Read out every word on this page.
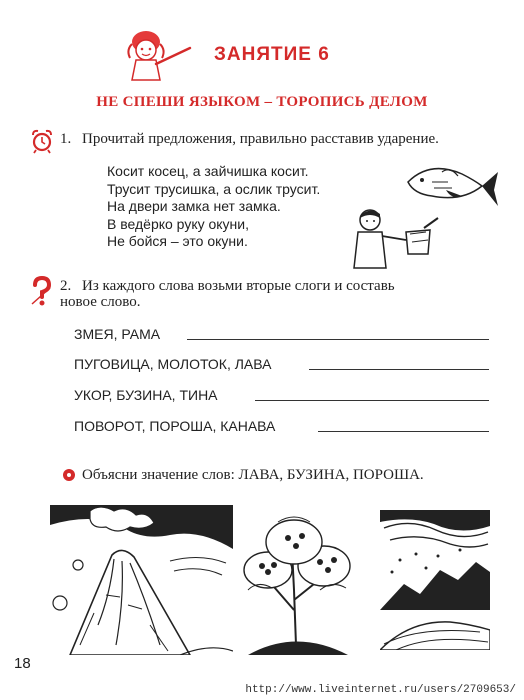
ЗАНЯТИЕ 6
НЕ СПЕШИ ЯЗЫКОМ – ТОРОПИСЬ ДЕЛОМ
1. Прочитай предложения, правильно расставив ударение.
Косит косец, а зайчишка косит.
Трусит трусишка, а ослик трусит.
На двери замка нет замка.
В ведёрко руку окуни,
Не бойся – это окуни.
2. Из каждого слова возьми вторые слоги и составь
новое слово.
ЗМЕЯ, РАМА
ПУГОВИЦА, МОЛОТОК, ЛАВА
УКОР, БУЗИНА, ТИНА
ПОВОРОТ, ПОРОША, КАНАВА
Объясни значение слов: ЛАВА, БУЗИНА, ПОРОША.
18
http://www.liveinternet.ru/users/2709653/
